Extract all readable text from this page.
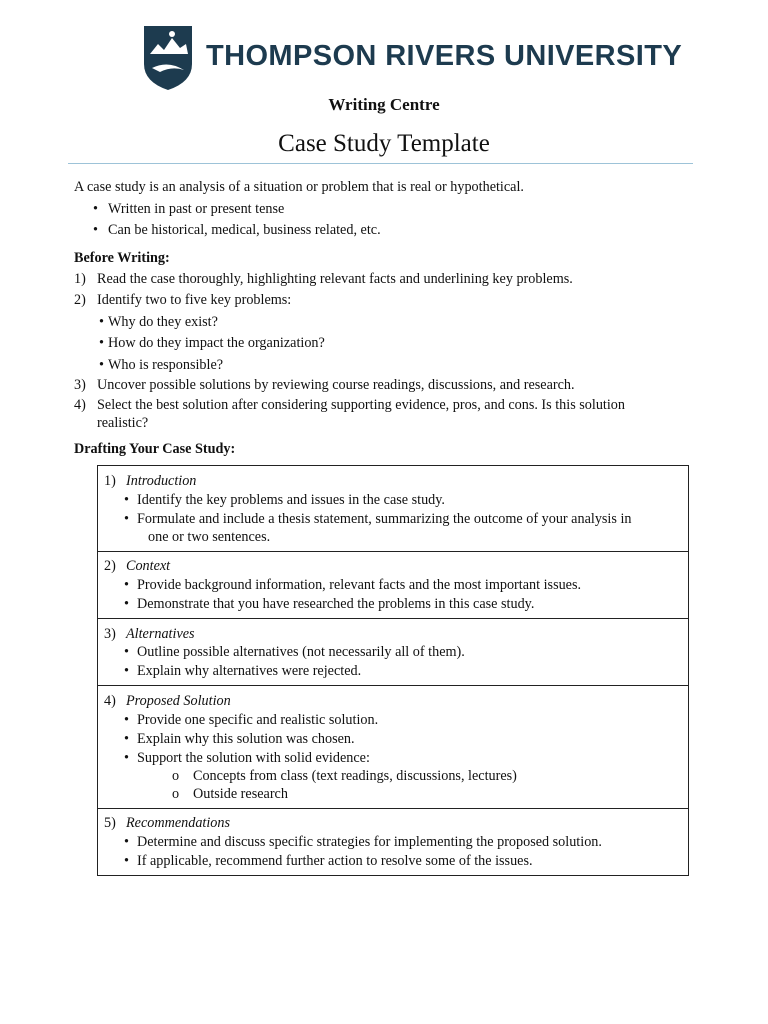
THOMPSON RIVERS UNIVERSITY
Writing Centre
Case Study Template
A case study is an analysis of a situation or problem that is real or hypothetical.
• Written in past or present tense
• Can be historical, medical, business related, etc.
Before Writing:
1) Read the case thoroughly, highlighting relevant facts and underlining key problems.
2) Identify two to five key problems:
• Why do they exist?
• How do they impact the organization?
• Who is responsible?
3) Uncover possible solutions by reviewing course readings, discussions, and research.
4) Select the best solution after considering supporting evidence, pros, and cons. Is this solution
realistic?
Drafting Your Case Study:
1) Introduction
• Identify the key problems and issues in the case study.
• Formulate and include a thesis statement, summarizing the outcome of your analysis in
one or two sentences.
2) Context
• Provide background information, relevant facts and the most important issues.
• Demonstrate that you have researched the problems in this case study.
3) Alternatives
• Outline possible alternatives (not necessarily all of them).
• Explain why alternatives were rejected.
4) Proposed Solution
• Provide one specific and realistic solution.
• Explain why this solution was chosen.
• Support the solution with solid evidence:
o Concepts from class (text readings, discussions, lectures)
o Outside research
5) Recommendations
• Determine and discuss specific strategies for implementing the proposed solution.
• If applicable, recommend further action to resolve some of the issues.
